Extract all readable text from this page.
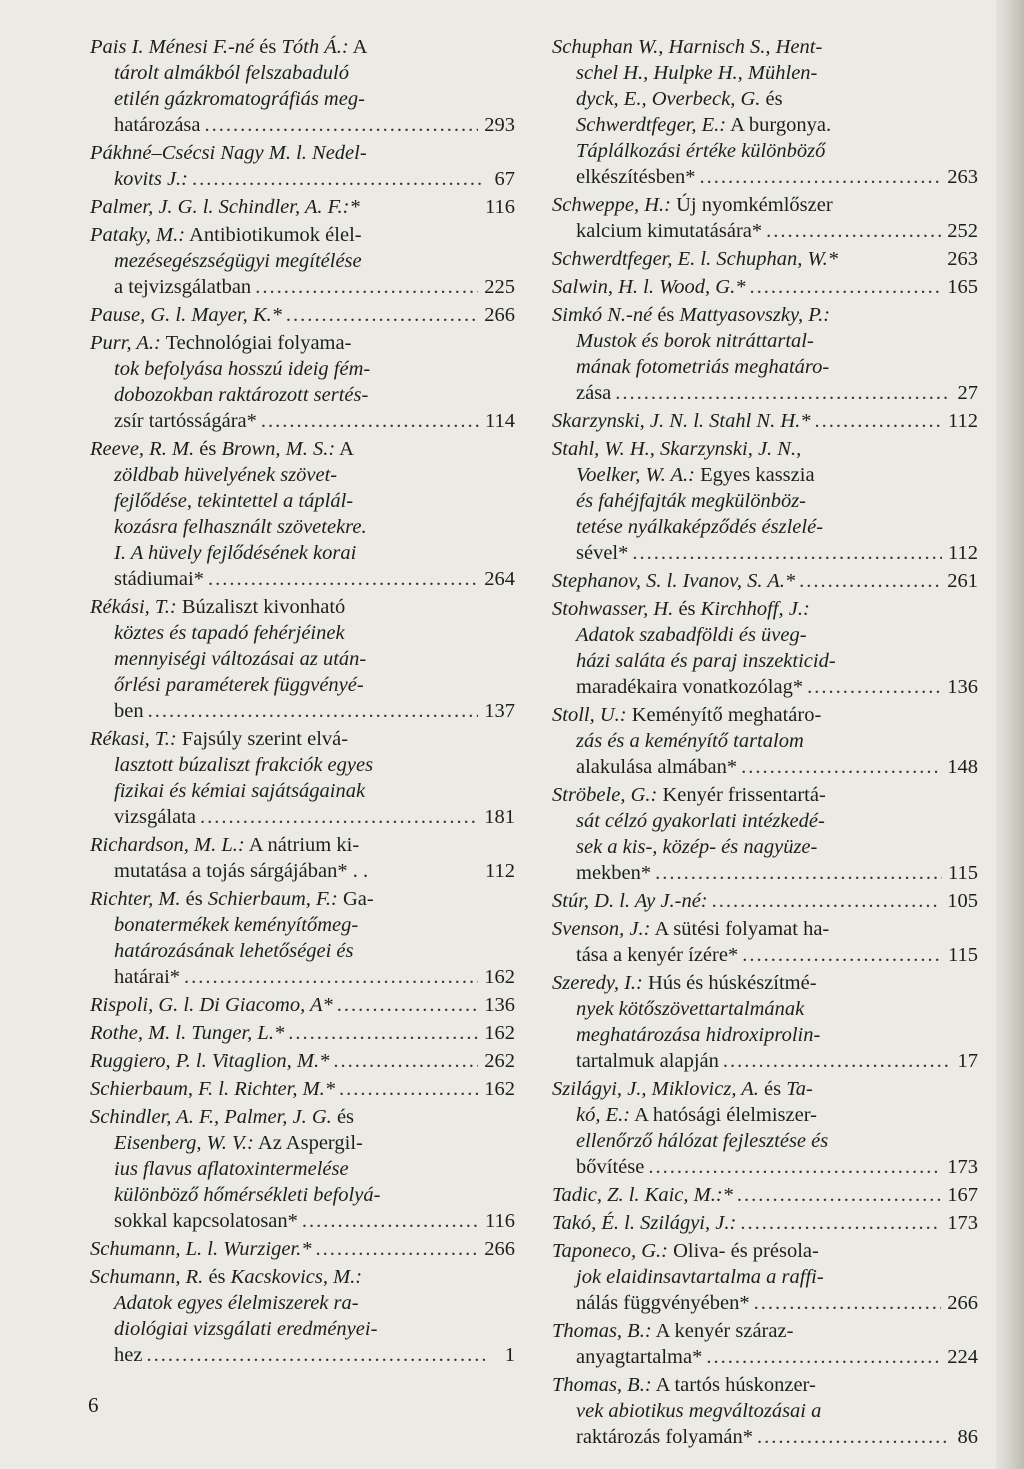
Pais I. Ménesi F.-né és Tóth Á.: A
tárolt almákból felszabaduló
etilén gázkromatográfiás meg-
határozása .....	293
Pákhné–Csécsi Nagy M. l. Nedel-
kovits J.: .....	67
Palmer, J. G. l. Schindler, A. F.:*	116
Pataky, M.: Antibiotikumok élel-
mezésegészségügyi megítélése
a tejvizsgálatban .....	225
Pause, G. l. Mayer, K.* .....	266
Purr, A.: Technológiai folyama-
tok befolyása hosszú ideig fém-
dobozokban raktározott sertés-
zsír tartósságára* .....	114
Reeve, R. M. és Brown, M. S.: A
zöldbab hüvelyének szövet-
fejlődése, tekintettel a táplál-
kozásra felhasznált szövetekre.
I. A hüvely fejlődésének korai
stádiumai* .....	264
Rékási, T.: Búzaliszt kivonható
köztes és tapadó fehérjéinek
mennyiségi változásai az után-
őrlési paraméterek függvényé-
ben .....	137
Rékasi, T.: Fajsúly szerint elvá-
lasztott búzaliszt frakciók egyes
fizikai és kémiai sajátságainak
vizsgálata .....	181
Richardson, M. L.: A nátrium ki-
mutatása a tojás sárgájában* . .	112
Richter, M. és Schierbaum, F.: Ga-
bonatermékek keményítőmeg-
határozásának lehetőségei és
határai* .....	162
Rispoli, G. l. Di Giacomo, A* .....	136
Rothe, M. l. Tunger, L.* .....	162
Ruggiero, P. l. Vitaglion, M.* .....	262
Schierbaum, F. l. Richter, M.* .....	162
Schindler, A. F., Palmer, J. G. és
Eisenberg, W. V.: Az Aspergil-
ius flavus aflatoxintermelése
különböző hőmérsékleti befolyá-
sokkal kapcsolatosan* .....	116
Schumann, L. l. Wurziger.* .....	266
Schumann, R. és Kacskovics, M.:
Adatok egyes élelmiszerek ra-
diológiai vizsgálati eredményei-
hez .....	1
Schuphan W., Harnisch S., Hent-
schel H., Hulpke H., Mühlen-
dyck, E., Overbeck, G. és
Schwerdtfeger, E.: A burgonya.
Táplálkozási értéke különböző
elkészítésben* .....	263
Schweppe, H.: Új nyomkémlőszer
kalcium kimutatására* .....	252
Schwerdtfeger, E. l. Schuphan, W.*	263
Salwin, H. l. Wood, G.* .....	165
Simkó N.-né és Mattyasovszky, P.:
Mustok és borok nitráttartal-
mának fotometriás meghatáro-
zása .....	27
Skarzynski, J. N. l. Stahl N. H.* .....	112
Stahl, W. H., Skarzynski, J. N.,
Voelker, W. A.: Egyes kasszia
és fahéjfajták megkülönböz-
tetése nyálkaképződés észlelé-
sével* .....	112
Stephanov, S. l. Ivanov, S. A.* .....	261
Stohwasser, H. és Kirchhoff, J.:
Adatok szabadföldi és üveg-
házi saláta és paraj inszekticid-
maradékaira vonatkozólag* .....	136
Stoll, U.: Keményítő meghatáro-
zás és a keményítő tartalom
alakulása almában* .....	148
Ströbele, G.: Kenyér frissentartá-
sát célzó gyakorlati intézkedé-
sek a kis-, közép- és nagyüze-
mekben* .....	115
Stúr, D. l. Ay J.-né: .....	105
Svenson, J.: A sütési folyamat ha-
tása a kenyér ízére* .....	115
Szeredy, I.: Hús és húskészítmé-
nyek kötőszövettartalmának
meghatározása hidroxiprolin-
tartalmuk alapján .....	17
Szilágyi, J., Miklovicz, A. és Ta-
kó, E.: A hatósági élelmiszer-
ellenőrző hálózat fejlesztése és
bővítése .....	173
Tadic, Z. l. Kaic, M.:* .....	167
Takó, É. l. Szilágyi, J.: .....	173
Taponeco, G.: Oliva- és présola-
jok elaidinsavtartalma a raffi-
nálás függvényében* .....	266
Thomas, B.: A kenyér száraz-
anyagtartalma* .....	224
Thomas, B.: A tartós húskonzer-
vek abiotikus megváltozásai a
raktározás folyamán* .....	86
6
